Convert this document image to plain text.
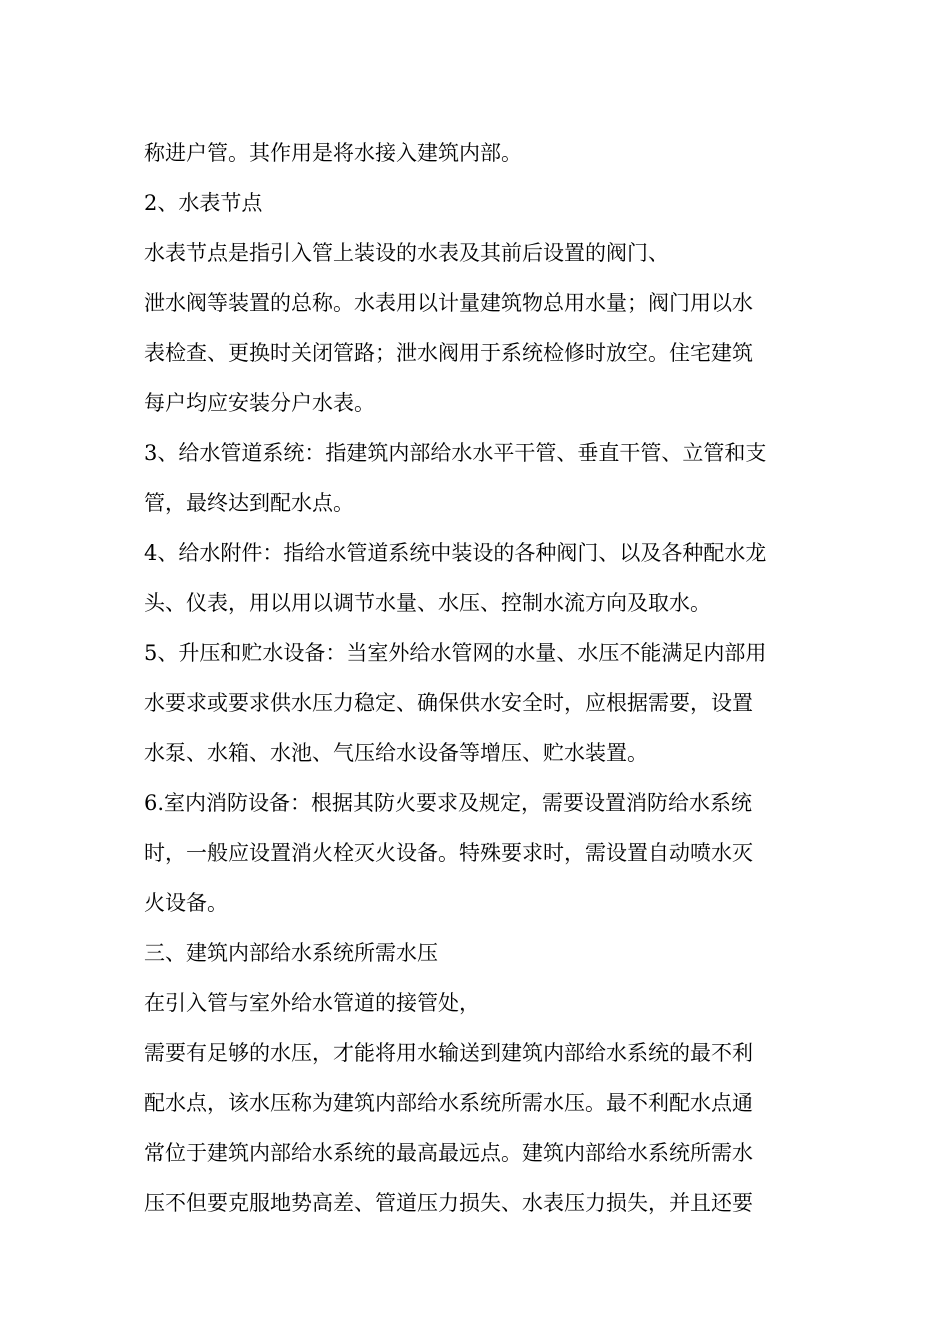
称进户管。其作用是将水接入建筑内部。
2、水表节点
水表节点是指引入管上装设的水表及其前后设置的阀门、
泄水阀等装置的总称。水表用以计量建筑物总用水量；阀门用以水
表检查、更换时关闭管路；泄水阀用于系统检修时放空。住宅建筑
每户均应安装分户水表。
3、给水管道系统：指建筑内部给水水平干管、垂直干管、立管和支
管，最终达到配水点。
4、给水附件：指给水管道系统中装设的各种阀门、以及各种配水龙
头、仪表，用以用以调节水量、水压、控制水流方向及取水。
5、升压和贮水设备：当室外给水管网的水量、水压不能满足内部用
水要求或要求供水压力稳定、确保供水安全时，应根据需要，设置
水泵、水箱、水池、气压给水设备等增压、贮水装置。
6.室内消防设备：根据其防火要求及规定，需要设置消防给水系统
时，一般应设置消火栓灭火设备。特殊要求时，需设置自动喷水灭
火设备。
三、建筑内部给水系统所需水压
在引入管与室外给水管道的接管处，
需要有足够的水压，才能将用水输送到建筑内部给水系统的最不利
配水点，该水压称为建筑内部给水系统所需水压。最不利配水点通
常位于建筑内部给水系统的最高最远点。建筑内部给水系统所需水
压不但要克服地势高差、管道压力损失、水表压力损失，并且还要
